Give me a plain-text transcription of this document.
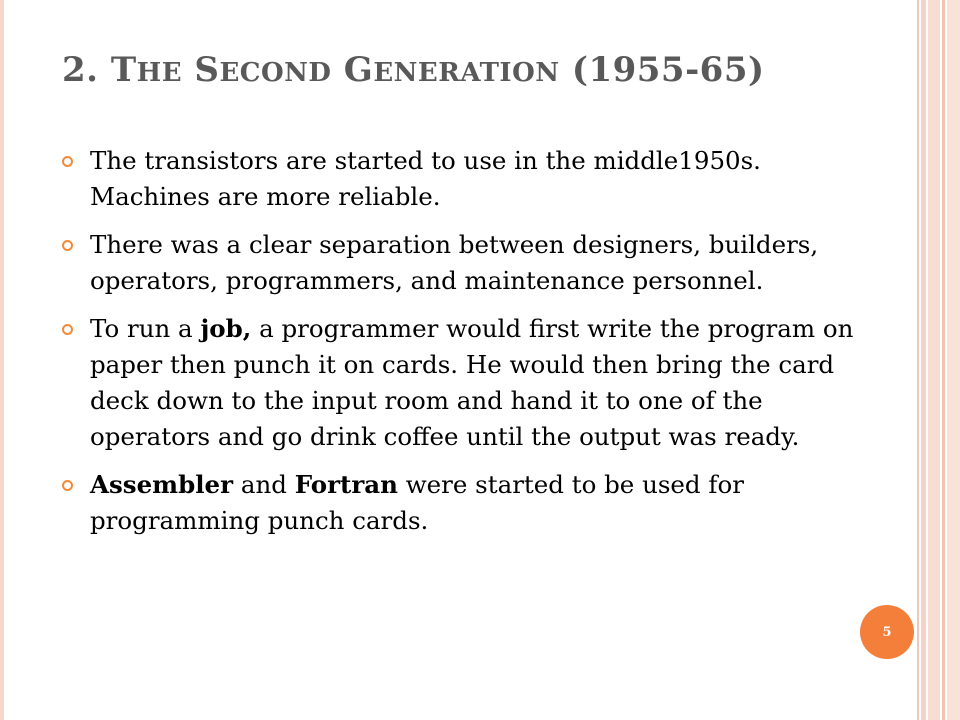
2. THE SECOND GENERATION (1955-65)
The transistors are started to use in the middle1950s. Machines are more reliable.
There was a clear separation between designers, builders, operators, programmers, and maintenance personnel.
To run a job, a programmer would first write the program on paper then punch it on cards. He would then bring the card deck down to the input room and hand it to one of the operators and go drink coffee until the output was ready.
Assembler and Fortran were started to be used for programming punch cards.
5
